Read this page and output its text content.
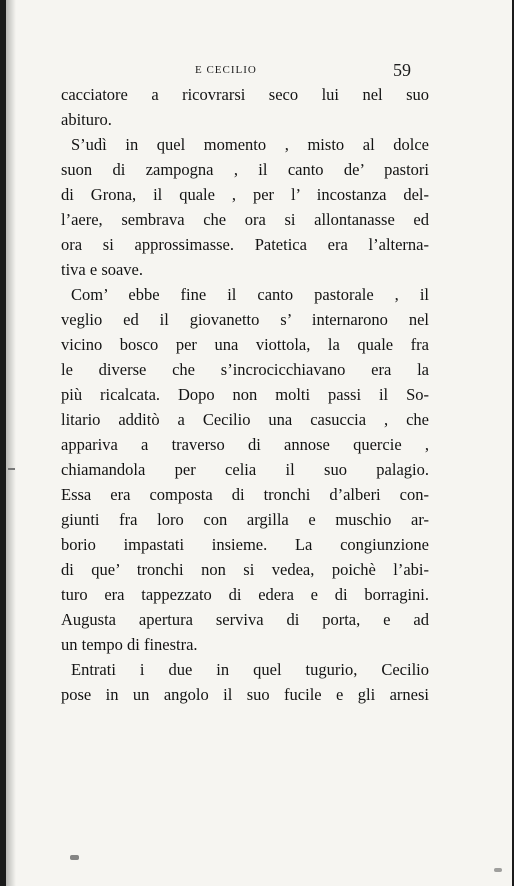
E CECILIO	59
cacciatore a ricovrarsi seco lui nel suo
abituro.
S’udì in quel momento , misto al dolce
suon di zampogna , il canto de’ pastori
di Grona, il quale , per l’ incostanza del-
l’aere, sembrava che ora si allontanasse ed
ora si approssimasse. Patetica era l’alterna-
tiva e soave.
Com’ ebbe fine il canto pastorale , il
veglio ed il giovanetto s’ internarono nel
vicino bosco per una viottola, la quale fra
le diverse che s’incrocicchiavano era la
più ricalcata. Dopo non molti passi il So-
litario additò a Cecilio una casuccia , che
appariva a traverso di annose quercie ,
chiamandola per celia il suo palagio.
Essa era composta di tronchi d’alberi con-
giunti fra loro con argilla e muschio ar-
borio impastati insieme. La congiunzione
di que’ tronchi non si vedea, poichè l’abi-
turo era tappezzato di edera e di borragini.
Augusta apertura serviva di porta, e ad
un tempo di finestra.
Entrati i due in quel tugurio, Cecilio
pose in un angolo il suo fucile e gli arnesi
